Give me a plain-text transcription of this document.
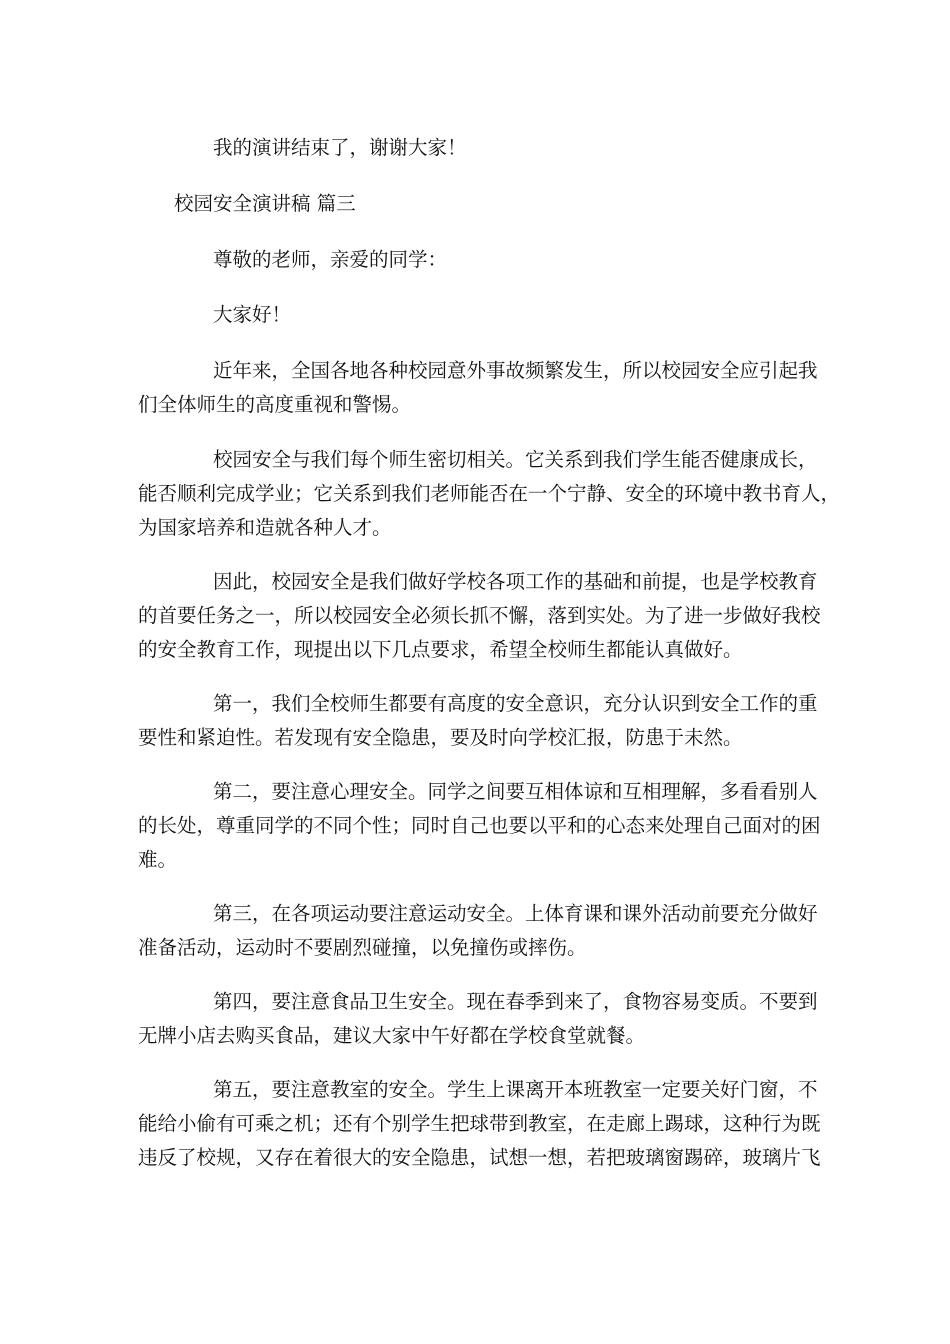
我的演讲结束了，谢谢大家！
校园安全演讲稿 篇三
尊敬的老师，亲爱的同学：
大家好！
近年来，全国各地各种校园意外事故频繁发生，所以校园安全应引起我
们全体师生的高度重视和警惕。
校园安全与我们每个师生密切相关。它关系到我们学生能否健康成长，
能否顺利完成学业；它关系到我们老师能否在一个宁静、安全的环境中教书育人，
为国家培养和造就各种人才。
因此，校园安全是我们做好学校各项工作的基础和前提，也是学校教育
的首要任务之一，所以校园安全必须长抓不懈，落到实处。为了进一步做好我校
的安全教育工作，现提出以下几点要求，希望全校师生都能认真做好。
第一，我们全校师生都要有高度的安全意识，充分认识到安全工作的重
要性和紧迫性。若发现有安全隐患，要及时向学校汇报，防患于未然。
第二，要注意心理安全。同学之间要互相体谅和互相理解，多看看别人
的长处，尊重同学的不同个性；同时自己也要以平和的心态来处理自己面对的困
难。
第三，在各项运动要注意运动安全。上体育课和课外活动前要充分做好
准备活动，运动时不要剧烈碰撞，以免撞伤或摔伤。
第四，要注意食品卫生安全。现在春季到来了，食物容易变质。不要到
无牌小店去购买食品，建议大家中午好都在学校食堂就餐。
第五，要注意教室的安全。学生上课离开本班教室一定要关好门窗，不
能给小偷有可乘之机；还有个别学生把球带到教室，在走廊上踢球，这种行为既
违反了校规，又存在着很大的安全隐患，试想一想，若把玻璃窗踢碎，玻璃片飞
